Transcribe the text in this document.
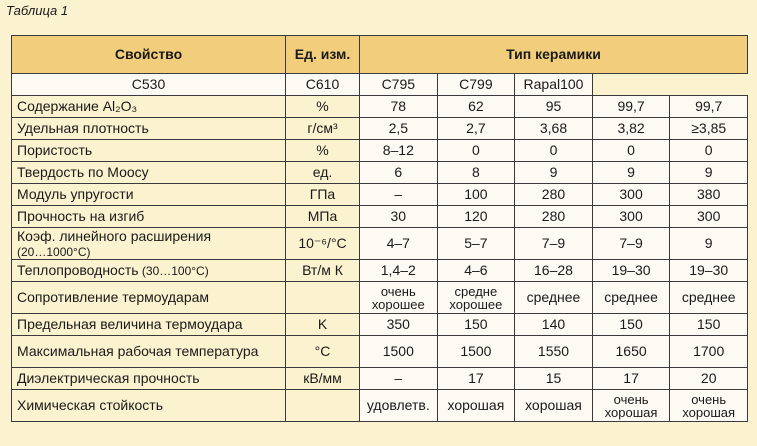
Таблица 1
Свойство	Ед. изм.	Тип керамики				
C530	C610	C795	C799	Rapal100		
Содержание Al₂O₃	%	78	62	95	99,7	99,7
Удельная плотность	г/см³	2,5	2,7	3,68	3,82	≥3,85
Пористость	%	8–12	0	0	0	0
Твердость по Моосу	ед.	6	8	9	9	9
Модуль упругости	ГПа	–	100	280	300	380
Прочность на изгиб	МПа	30	120	280	300	300
Коэф. линейного расширения
(20…1000°C)	10⁻⁶/°C	4–7	5–7	7–9	7–9	9
Теплопроводность (30…100°C)	Вт/м К	1,4–2	4–6	16–28	19–30	19–30
Сопротивление термоударам		очень хорошее	средне хорошее	среднее	среднее	среднее
Предельная величина термоудара	K	350	150	140	150	150
Максимальная рабочая температура	°C	1500	1500	1550	1650	1700
Диэлектрическая прочность	кВ/мм	–	17	15	17	20
Химическая стойкость		удовлетв.	хорошая	хорошая	очень хорошая	очень хорошая
